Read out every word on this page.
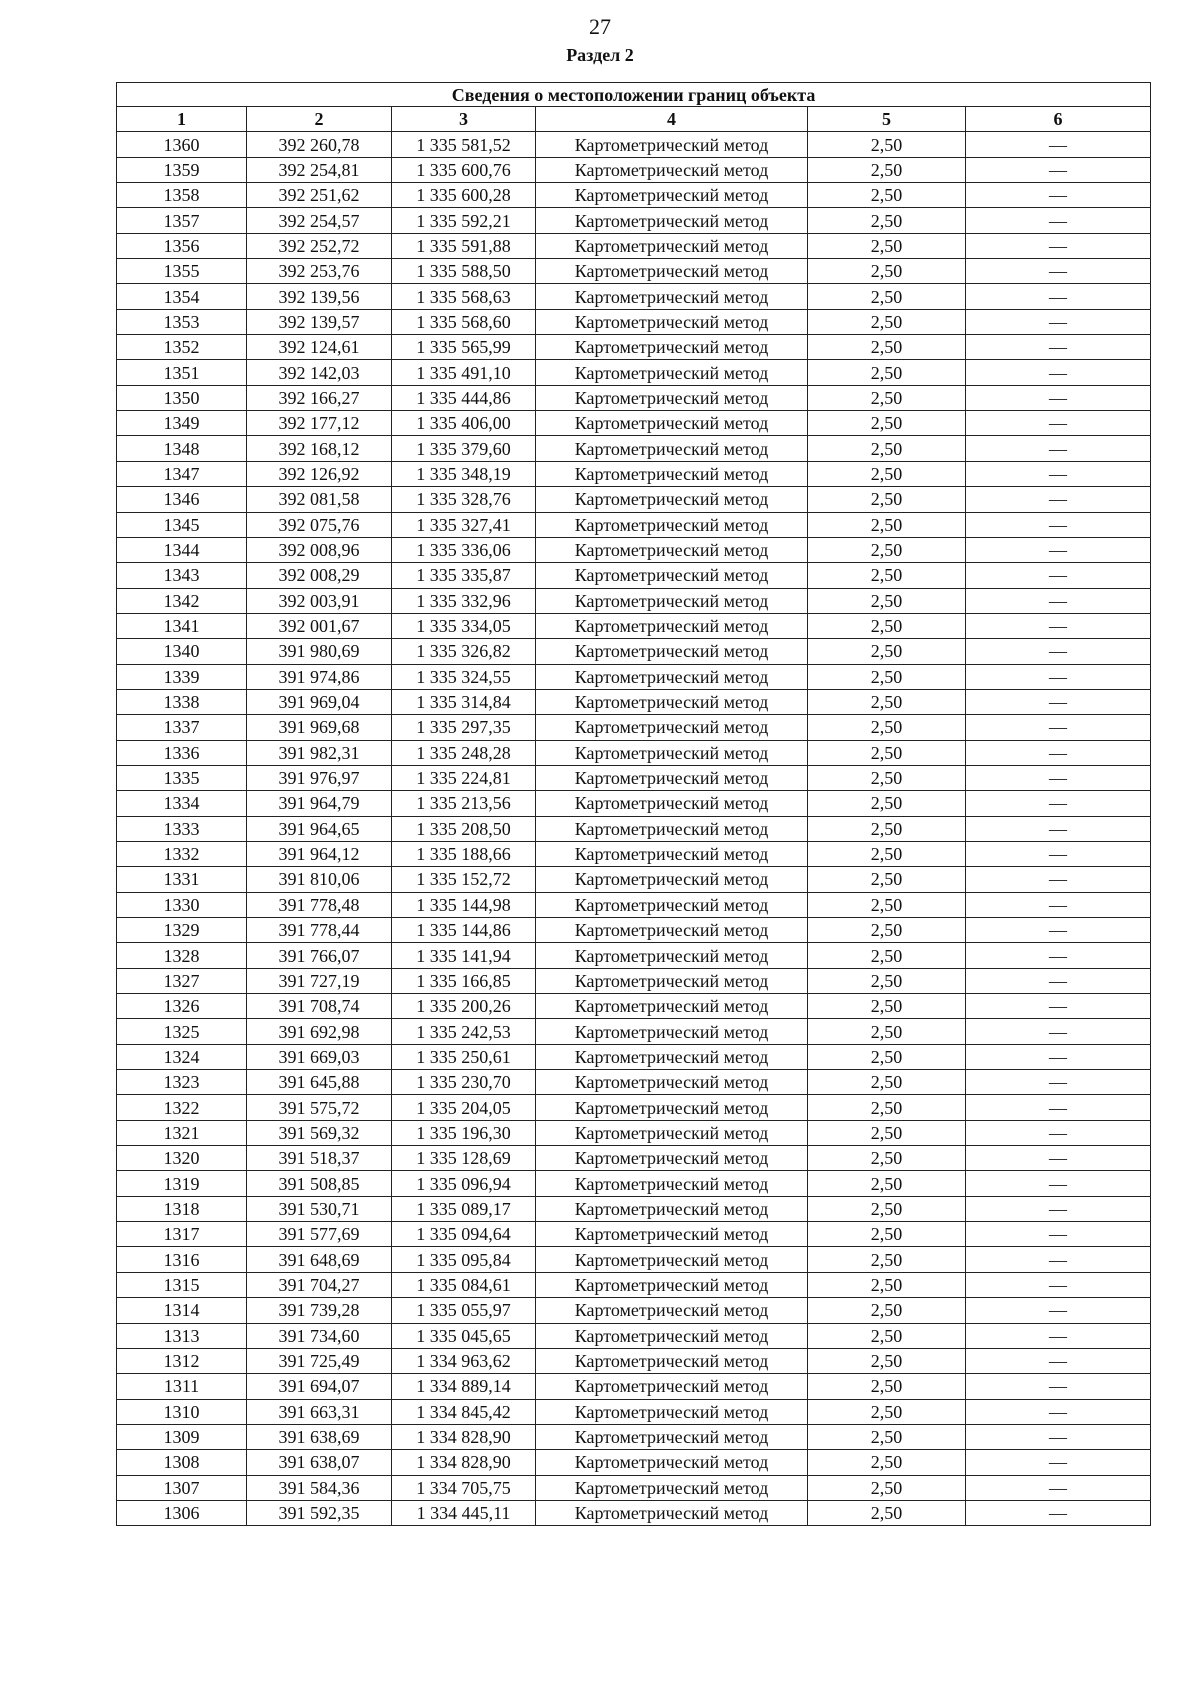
27
Раздел 2
Сведения о местоположении границ объекта					
1	2	3	4	5	6
1360	392 260,78	1 335 581,52	Картометрический метод	2,50	—
1359	392 254,81	1 335 600,76	Картометрический метод	2,50	—
1358	392 251,62	1 335 600,28	Картометрический метод	2,50	—
1357	392 254,57	1 335 592,21	Картометрический метод	2,50	—
1356	392 252,72	1 335 591,88	Картометрический метод	2,50	—
1355	392 253,76	1 335 588,50	Картометрический метод	2,50	—
1354	392 139,56	1 335 568,63	Картометрический метод	2,50	—
1353	392 139,57	1 335 568,60	Картометрический метод	2,50	—
1352	392 124,61	1 335 565,99	Картометрический метод	2,50	—
1351	392 142,03	1 335 491,10	Картометрический метод	2,50	—
1350	392 166,27	1 335 444,86	Картометрический метод	2,50	—
1349	392 177,12	1 335 406,00	Картометрический метод	2,50	—
1348	392 168,12	1 335 379,60	Картометрический метод	2,50	—
1347	392 126,92	1 335 348,19	Картометрический метод	2,50	—
1346	392 081,58	1 335 328,76	Картометрический метод	2,50	—
1345	392 075,76	1 335 327,41	Картометрический метод	2,50	—
1344	392 008,96	1 335 336,06	Картометрический метод	2,50	—
1343	392 008,29	1 335 335,87	Картометрический метод	2,50	—
1342	392 003,91	1 335 332,96	Картометрический метод	2,50	—
1341	392 001,67	1 335 334,05	Картометрический метод	2,50	—
1340	391 980,69	1 335 326,82	Картометрический метод	2,50	—
1339	391 974,86	1 335 324,55	Картометрический метод	2,50	—
1338	391 969,04	1 335 314,84	Картометрический метод	2,50	—
1337	391 969,68	1 335 297,35	Картометрический метод	2,50	—
1336	391 982,31	1 335 248,28	Картометрический метод	2,50	—
1335	391 976,97	1 335 224,81	Картометрический метод	2,50	—
1334	391 964,79	1 335 213,56	Картометрический метод	2,50	—
1333	391 964,65	1 335 208,50	Картометрический метод	2,50	—
1332	391 964,12	1 335 188,66	Картометрический метод	2,50	—
1331	391 810,06	1 335 152,72	Картометрический метод	2,50	—
1330	391 778,48	1 335 144,98	Картометрический метод	2,50	—
1329	391 778,44	1 335 144,86	Картометрический метод	2,50	—
1328	391 766,07	1 335 141,94	Картометрический метод	2,50	—
1327	391 727,19	1 335 166,85	Картометрический метод	2,50	—
1326	391 708,74	1 335 200,26	Картометрический метод	2,50	—
1325	391 692,98	1 335 242,53	Картометрический метод	2,50	—
1324	391 669,03	1 335 250,61	Картометрический метод	2,50	—
1323	391 645,88	1 335 230,70	Картометрический метод	2,50	—
1322	391 575,72	1 335 204,05	Картометрический метод	2,50	—
1321	391 569,32	1 335 196,30	Картометрический метод	2,50	—
1320	391 518,37	1 335 128,69	Картометрический метод	2,50	—
1319	391 508,85	1 335 096,94	Картометрический метод	2,50	—
1318	391 530,71	1 335 089,17	Картометрический метод	2,50	—
1317	391 577,69	1 335 094,64	Картометрический метод	2,50	—
1316	391 648,69	1 335 095,84	Картометрический метод	2,50	—
1315	391 704,27	1 335 084,61	Картометрический метод	2,50	—
1314	391 739,28	1 335 055,97	Картометрический метод	2,50	—
1313	391 734,60	1 335 045,65	Картометрический метод	2,50	—
1312	391 725,49	1 334 963,62	Картометрический метод	2,50	—
1311	391 694,07	1 334 889,14	Картометрический метод	2,50	—
1310	391 663,31	1 334 845,42	Картометрический метод	2,50	—
1309	391 638,69	1 334 828,90	Картометрический метод	2,50	—
1308	391 638,07	1 334 828,90	Картометрический метод	2,50	—
1307	391 584,36	1 334 705,75	Картометрический метод	2,50	—
1306	391 592,35	1 334 445,11	Картометрический метод	2,50	—
